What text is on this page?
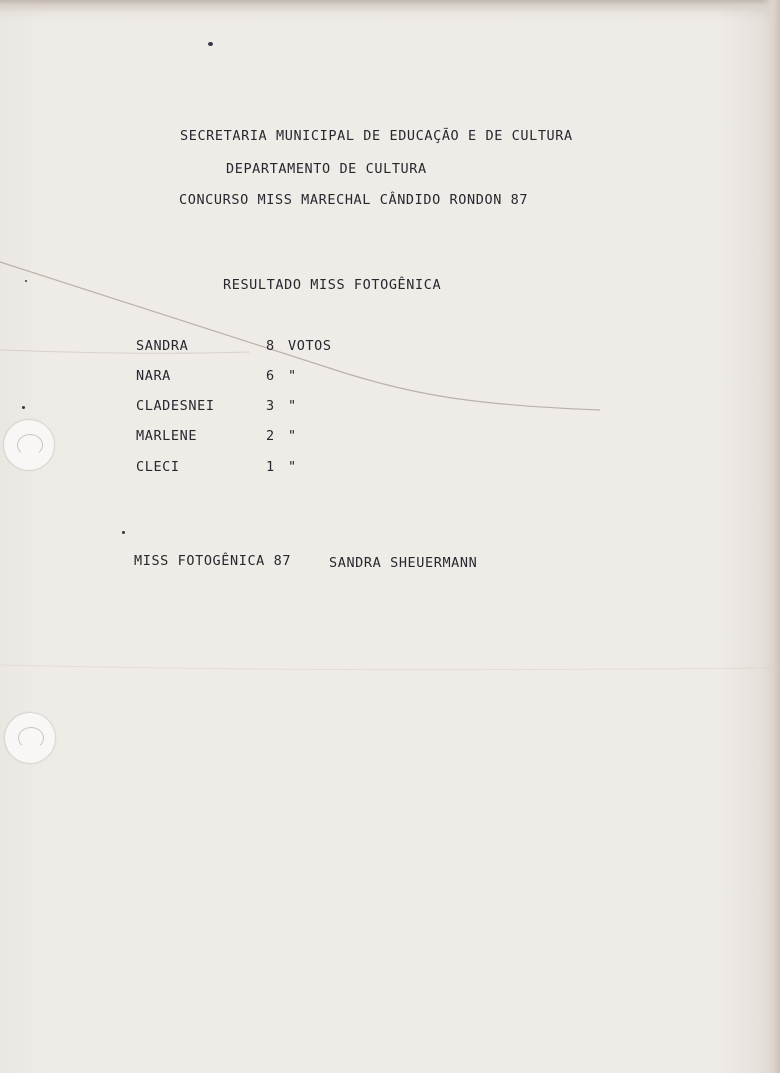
SECRETARIA MUNICIPAL DE EDUCAÇÃO E DE CULTURA
DEPARTAMENTO DE CULTURA
CONCURSO MISS MARECHAL CÂNDIDO RONDON 87
RESULTADO MISS FOTOGÊNICA
SANDRA	8 VOTOS
NARA	6 "
CLADESNEI	3 "
MARLENE	2 "
CLECI	1 "
MISS FOTOGÊNICA 87	SANDRA SHEUERMANN
